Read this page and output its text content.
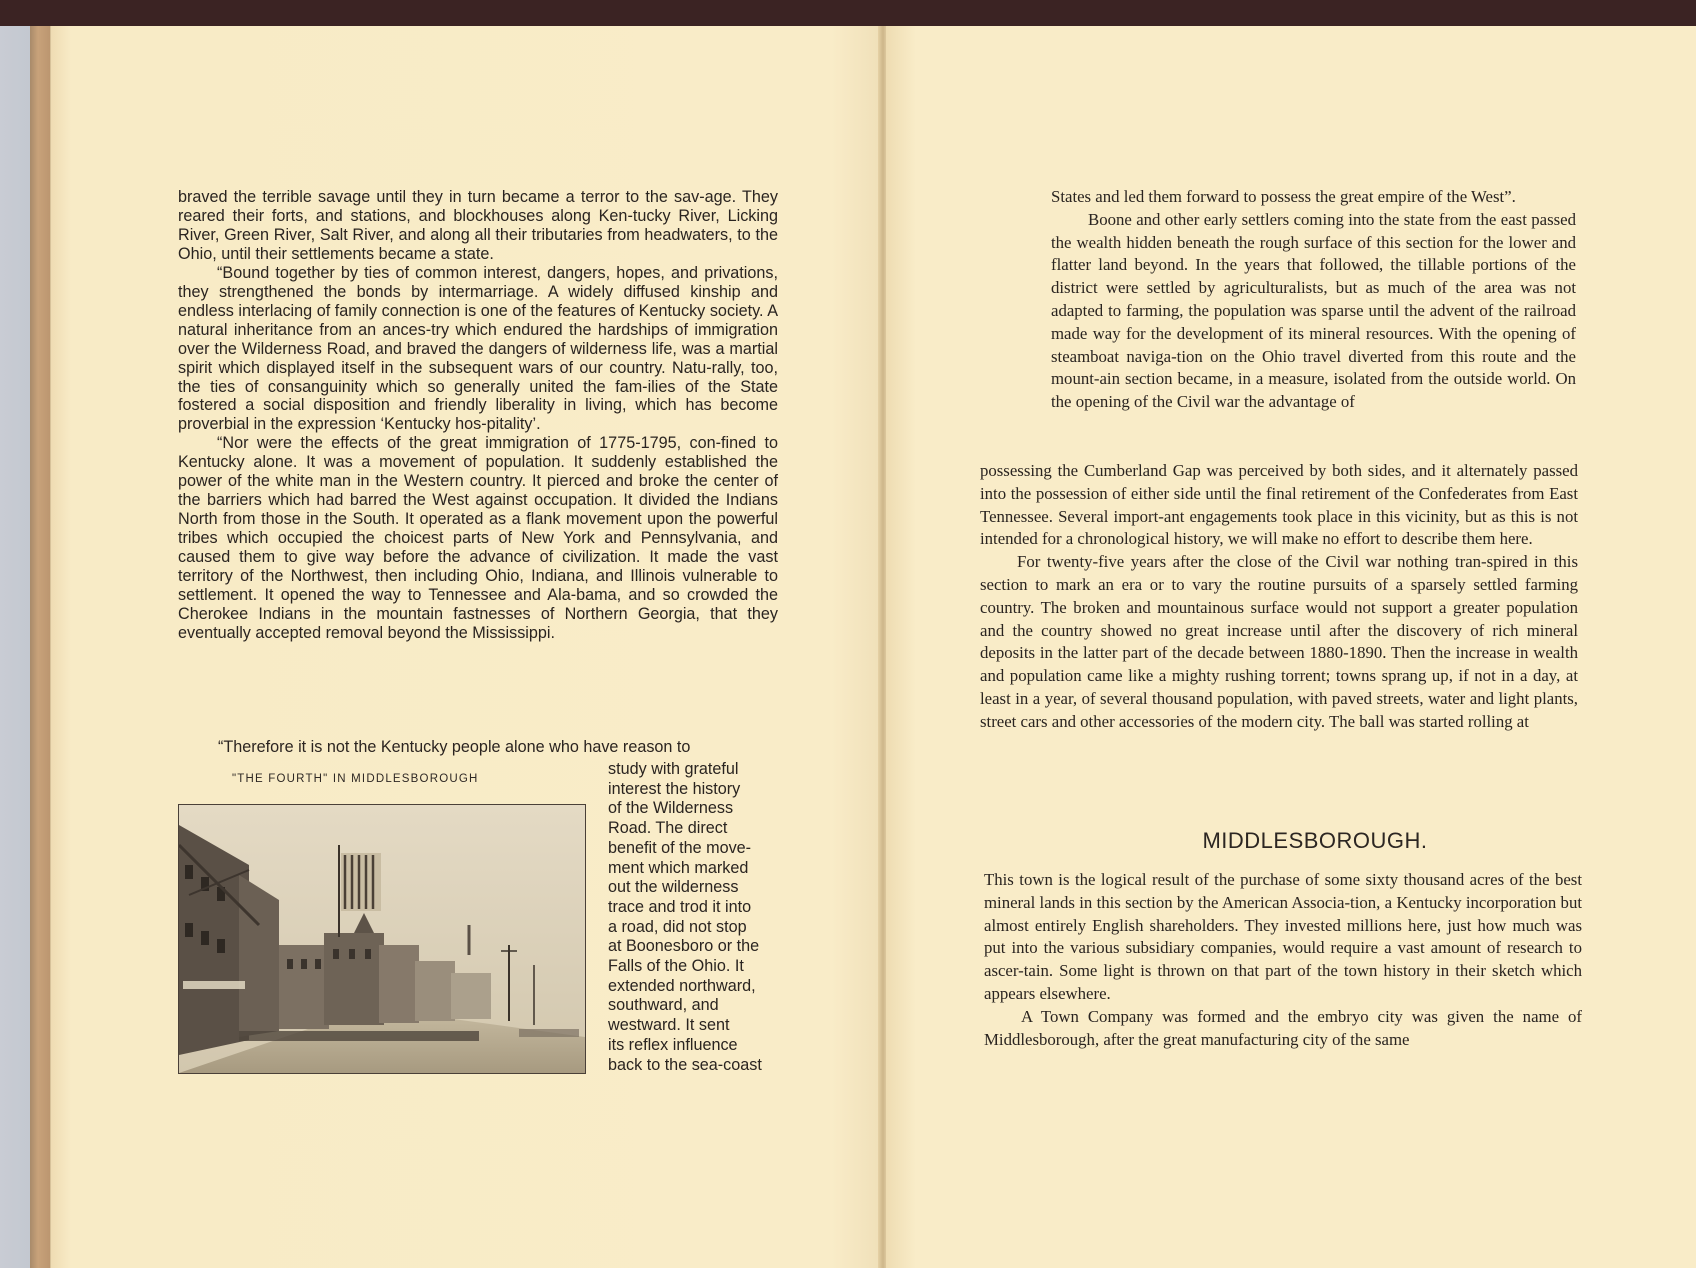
braved the terrible savage until they in turn became a terror to the sav-age. They reared their forts, and stations, and blockhouses along Ken-tucky River, Licking River, Green River, Salt River, and along all their tributaries from headwaters, to the Ohio, until their settlements became a state.

“Bound together by ties of common interest, dangers, hopes, and privations, they strengthened the bonds by intermarriage. A widely diffused kinship and endless interlacing of family connection is one of the features of Kentucky society. A natural inheritance from an ances-try which endured the hardships of immigration over the Wilderness Road, and braved the dangers of wilderness life, was a martial spirit which displayed itself in the subsequent wars of our country. Natu-rally, too, the ties of consanguinity which so generally united the fam-ilies of the State fostered a social disposition and friendly liberality in living, which has become proverbial in the expression ‘Kentucky hos-pitality’.

“Nor were the effects of the great immigration of 1775-1795, con-fined to Kentucky alone. It was a movement of population. It suddenly established the power of the white man in the Western country. It pierced and broke the center of the barriers which had barred the West against occupation. It divided the Indians North from those in the South. It operated as a flank movement upon the powerful tribes which occupied the choicest parts of New York and Pennsylvania, and caused them to give way before the advance of civilization. It made the vast territory of the Northwest, then including Ohio, Indiana, and Illinois vulnerable to settlement. It opened the way to Tennessee and Ala-bama, and so crowded the Cherokee Indians in the mountain fastnesses of Northern Georgia, that they eventually accepted removal beyond the Mississippi.

“Therefore it is not the Kentucky people alone who have reason to
"THE FOURTH" IN MIDDLESBOROUGH

study with grateful

interest the history

of the Wilderness

Road. The direct

benefit of the move-

ment which marked

out the wilderness

trace and trod it into

a road, did not stop

at Boonesboro or the

Falls of the Ohio. It

extended northward,

southward, and

westward. It sent

its reflex influence

back to the sea-coast

States and led them forward to possess the great empire of the West”.

Boone and other early settlers coming into the state from the east passed the wealth hidden beneath the rough surface of this section for the lower and flatter land beyond. In the years that followed, the tillable portions of the district were settled by agriculturalists, but as much of the area was not adapted to farming, the population was sparse until the advent of the railroad made way for the development of its mineral resources. With the opening of steamboat naviga-tion on the Ohio travel diverted from this route and the mount-ain section became, in a measure, isolated from the outside world. On the opening of the Civil war the advantage of

possessing the Cumberland Gap was perceived by both sides, and it alternately passed into the possession of either side until the final retirement of the Confederates from East Tennessee. Several import-ant engagements took place in this vicinity, but as this is not intended for a chronological history, we will make no effort to describe them here.

For twenty-five years after the close of the Civil war nothing tran-spired in this section to mark an era or to vary the routine pursuits of a sparsely settled farming country. The broken and mountainous surface would not support a greater population and the country showed no great increase until after the discovery of rich mineral deposits in the latter part of the decade between 1880-1890. Then the increase in wealth and population came like a mighty rushing torrent; towns sprang up, if not in a day, at least in a year, of several thousand population, with paved streets, water and light plants, street cars and other accessories of the modern city. The ball was started rolling at

MIDDLESBOROUGH.

This town is the logical result of the purchase of some sixty thousand acres of the best mineral lands in this section by the American Associa-tion, a Kentucky incorporation but almost entirely English shareholders. They invested millions here, just how much was put into the various subsidiary companies, would require a vast amount of research to ascer-tain. Some light is thrown on that part of the town history in their sketch which appears elsewhere.

A Town Company was formed and the embryo city was given the name of Middlesborough, after the great manufacturing city of the same
